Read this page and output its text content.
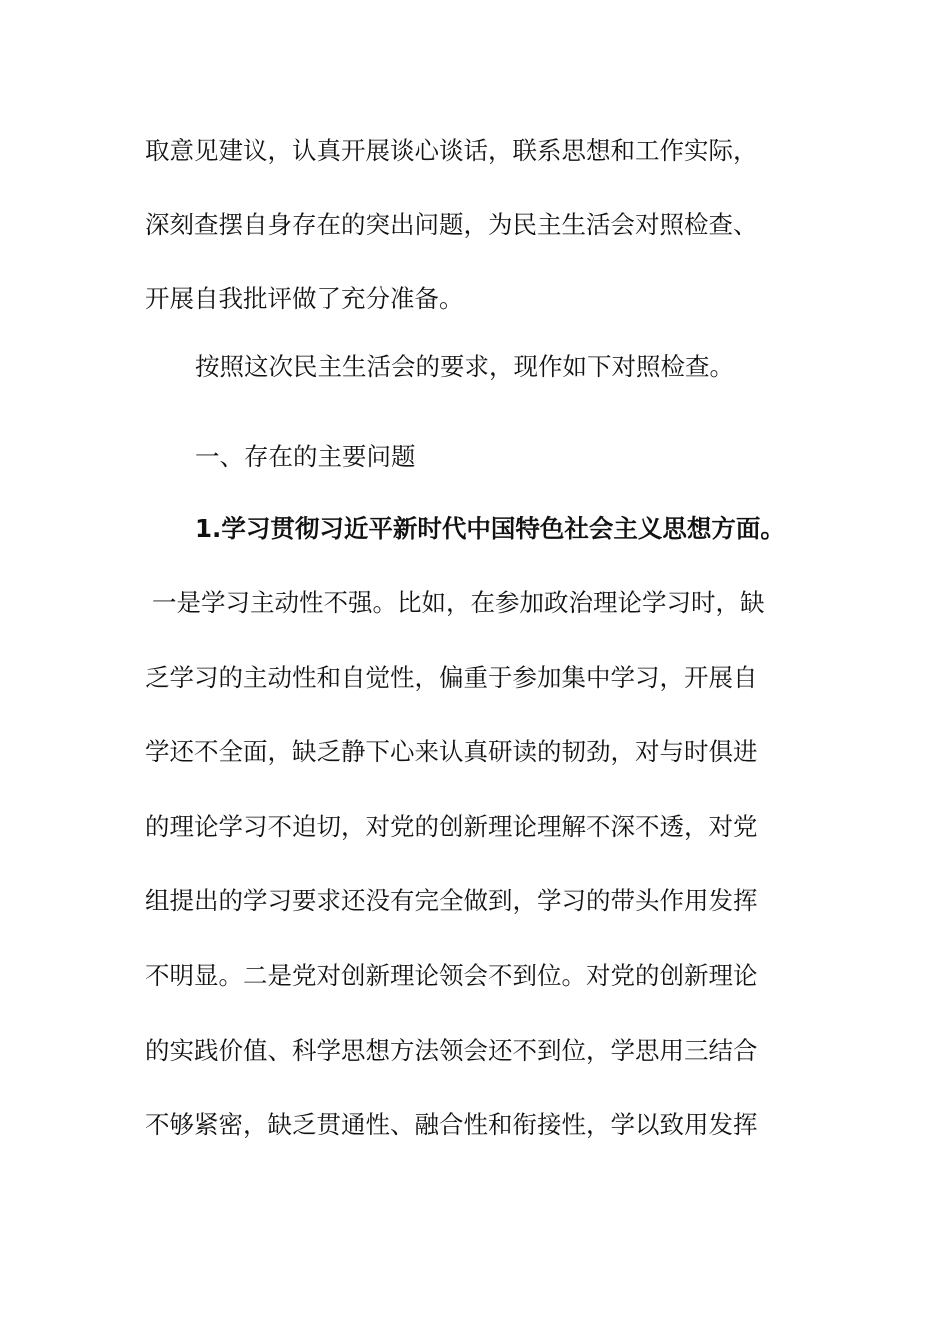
取意见建议，认真开展谈心谈话，联系思想和工作实际，
深刻查摆自身存在的突出问题，为民主生活会对照检查、
开展自我批评做了充分准备。
按照这次民主生活会的要求，现作如下对照检查。
一、存在的主要问题
1.学习贯彻习近平新时代中国特色社会主义思想方面。
一是学习主动性不强。比如，在参加政治理论学习时，缺
乏学习的主动性和自觉性，偏重于参加集中学习，开展自
学还不全面，缺乏静下心来认真研读的韧劲，对与时俱进
的理论学习不迫切，对党的创新理论理解不深不透，对党
组提出的学习要求还没有完全做到，学习的带头作用发挥
不明显。二是党对创新理论领会不到位。对党的创新理论
的实践价值、科学思想方法领会还不到位，学思用三结合
不够紧密，缺乏贯通性、融合性和衔接性，学以致用发挥
